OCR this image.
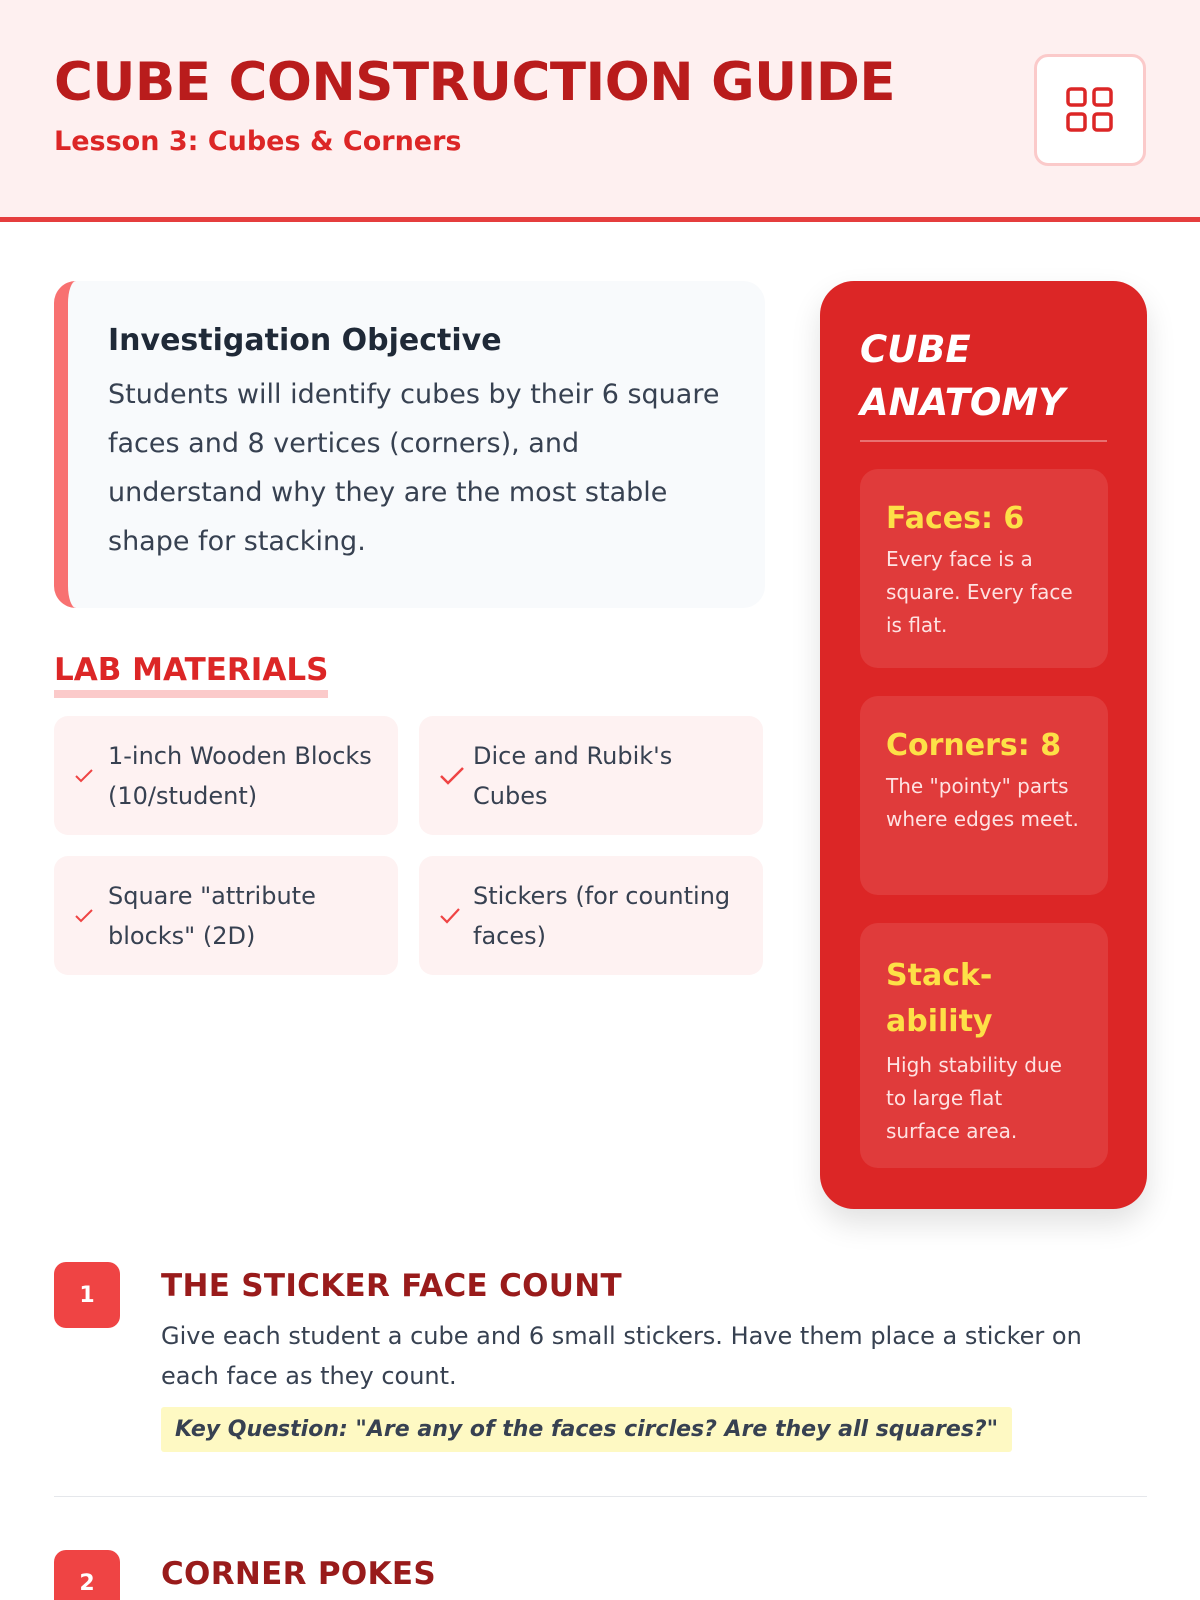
CUBE CONSTRUCTION GUIDE
Lesson 3: Cubes & Corners
Investigation Objective

Students will identify cubes by their 6 square faces and 8 vertices (corners), and understand why they are the most stable shape for stacking.

LAB MATERIALS
1-inch Wooden Blocks (10/student)
Dice and Rubik's Cubes
Square "attribute blocks" (2D)
Stickers (for counting faces)
CUBE ANATOMY
Faces: 6
Every face is a square. Every face is flat.
Corners: 8
The "pointy" parts where edges meet.
Stack-ability
High stability due to large flat surface area.
1	THE STICKER FACE COUNT
Give each student a cube and 6 small stickers. Have them place a sticker on each face as they count.
Key Question: "Are any of the faces circles? Are they all squares?"
2	CORNER POKES
